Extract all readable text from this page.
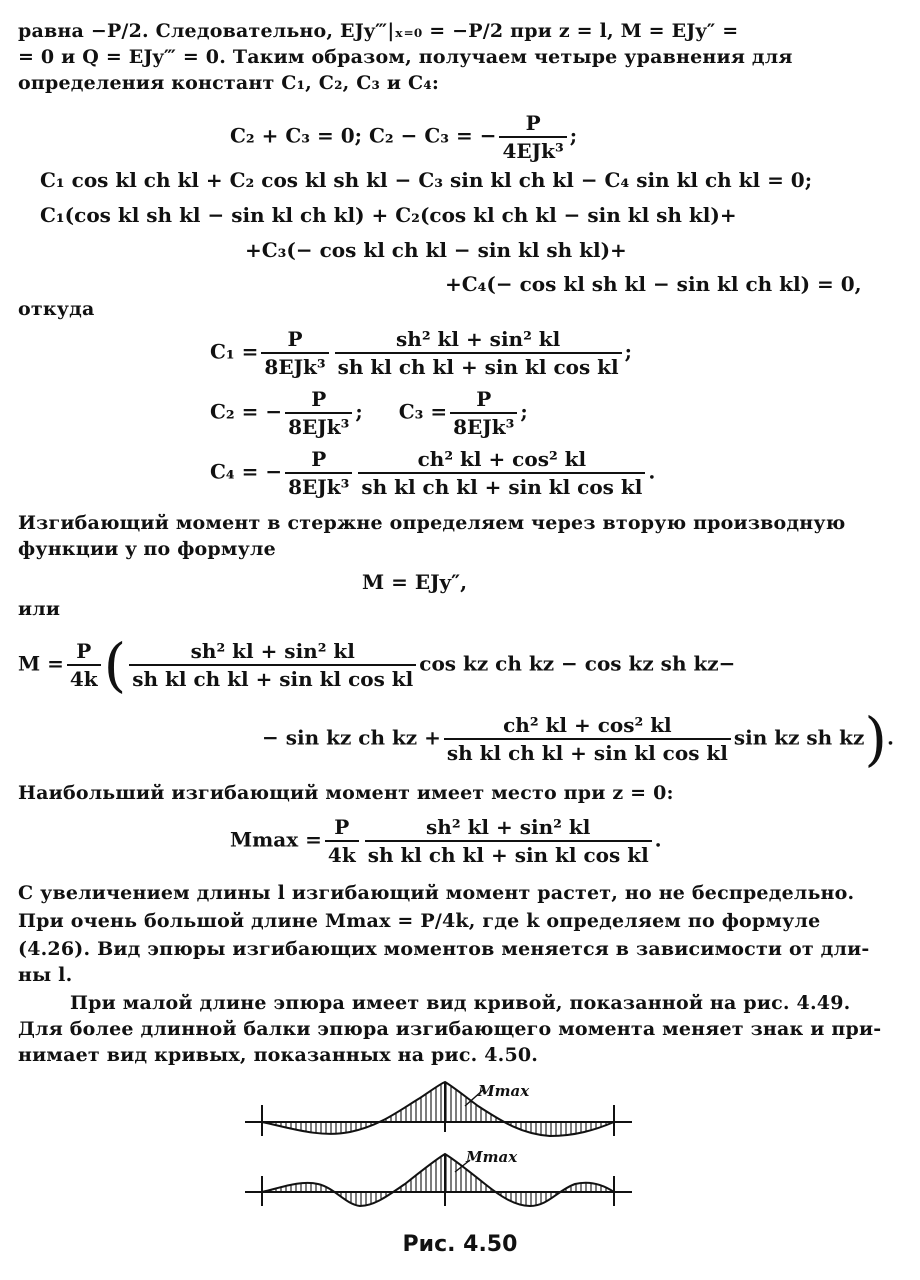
равна −P/2. Следовательно, EJy‴|ₓ₌₀ = −P/2 при z = l, M = EJy″ =
= 0 и Q = EJy‴ = 0. Таким образом, получаем четыре уравнения для
определения констант C₁, C₂, C₃ и C₄:
C₂ + C₃ = 0; C₂ − C₃ = − $\frac{P}{\text{4EJk³}}$ ;
C₁ cos kl ch kl + C₂ cos kl sh kl − C₃ sin kl ch kl − C₄ sin kl ch kl = 0;
C₁(cos kl sh kl − sin kl ch kl) + C₂(cos kl ch kl − sin kl sh kl)+
+C₃(− cos kl ch kl − sin kl sh kl)+
+C₄(− cos kl sh kl − sin kl ch kl) = 0,
откуда
$C_1 = \frac{P}{\text{8EJk³}} \frac{\text{sh² kl + sin² kl}}{\text{sh kl ch kl + sin kl cos kl}}$ ;
C₂ = − $\frac{P}{\text{8EJk³}}$ ; $C_3 = \frac{P}{\text{8EJk³}}$ ;
C₄ = − $\frac{P}{\text{8EJk³}} \frac{\text{ch² kl + cos² kl}}{\text{sh kl ch kl + sin kl cos kl}}$ .
Изгибающий момент в стержне определяем через вторую производную
функции y по формуле
M = EJy″,
или
$M = \frac{P}{4k}$ ( $\frac{\text{sh² kl + sin² kl}}{\text{sh kl ch kl + sin kl cos kl}}$ cos kz ch kz − cos kz sh kz−
− sin kz ch kz + $\frac{\text{ch² kl + cos² kl}}{\text{sh kl ch kl + sin kl cos kl}}$ sin kz sh kz).
Наибольший изгибающий момент имеет место при z = 0:
$Mmax = \frac{P}{4k} \frac{\text{sh² kl + sin² kl}}{\text{sh kl ch kl + sin kl cos kl}}$ .
С увеличением длины l изгибающий момент растет, но не беспредельно.
При очень большой длине Mmax = P/4k, где k определяем по формуле
(4.26). Вид эпюры изгибающих моментов меняется в зависимости от дли-
ны l.
При малой длине эпюра имеет вид кривой, показанной на рис. 4.49.
Для более длинной балки эпюра изгибающего момента меняет знак и при-
нимает вид кривых, показанных на рис. 4.50.
Mmax
Mmax
Рис. 4.50
